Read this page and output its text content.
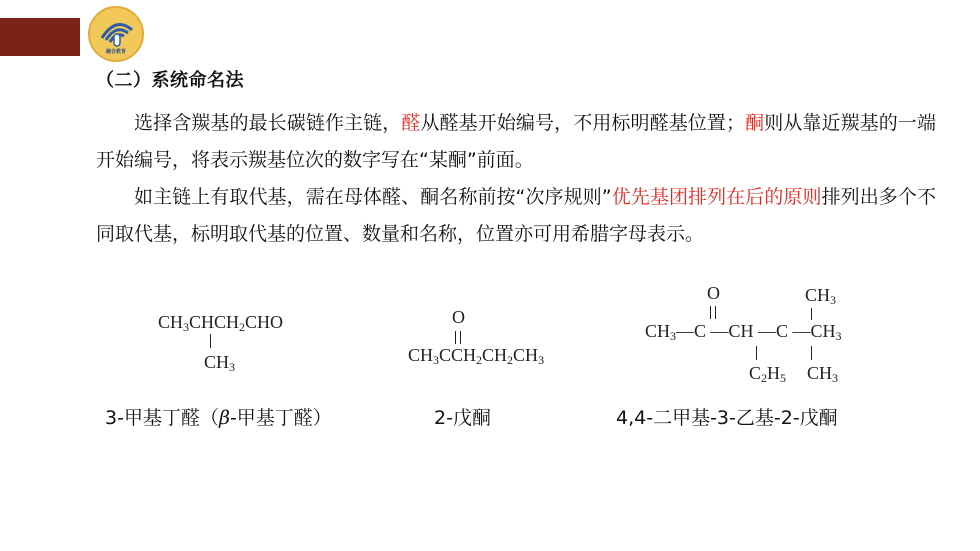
融合教育
（二）系统命名法
选择含羰基的最长碳链作主链，醛从醛基开始编号，不用标明醛基位置；酮则从靠近羰基的一端开始编号，将表示羰基位次的数字写在“某酮”前面。
如主链上有取代基，需在母体醛、酮名称前按“次序规则”优先基团排列在后的原则排列出多个不同取代基，标明取代基的位置、数量和名称，位置亦可用希腊字母表示。
$CH_3CHCH_2CHO$
$CH_3$
O
$CH_3CCH_2CH_2CH_3$
O	$CH_3$
$CH_3—C$ —CH —C $—CH_3$
$C_2H_5$ $CH_3$
3-甲基丁醛（β-甲基丁醛）	2-戊酮	4,4-二甲基-3-乙基-2-戊酮
